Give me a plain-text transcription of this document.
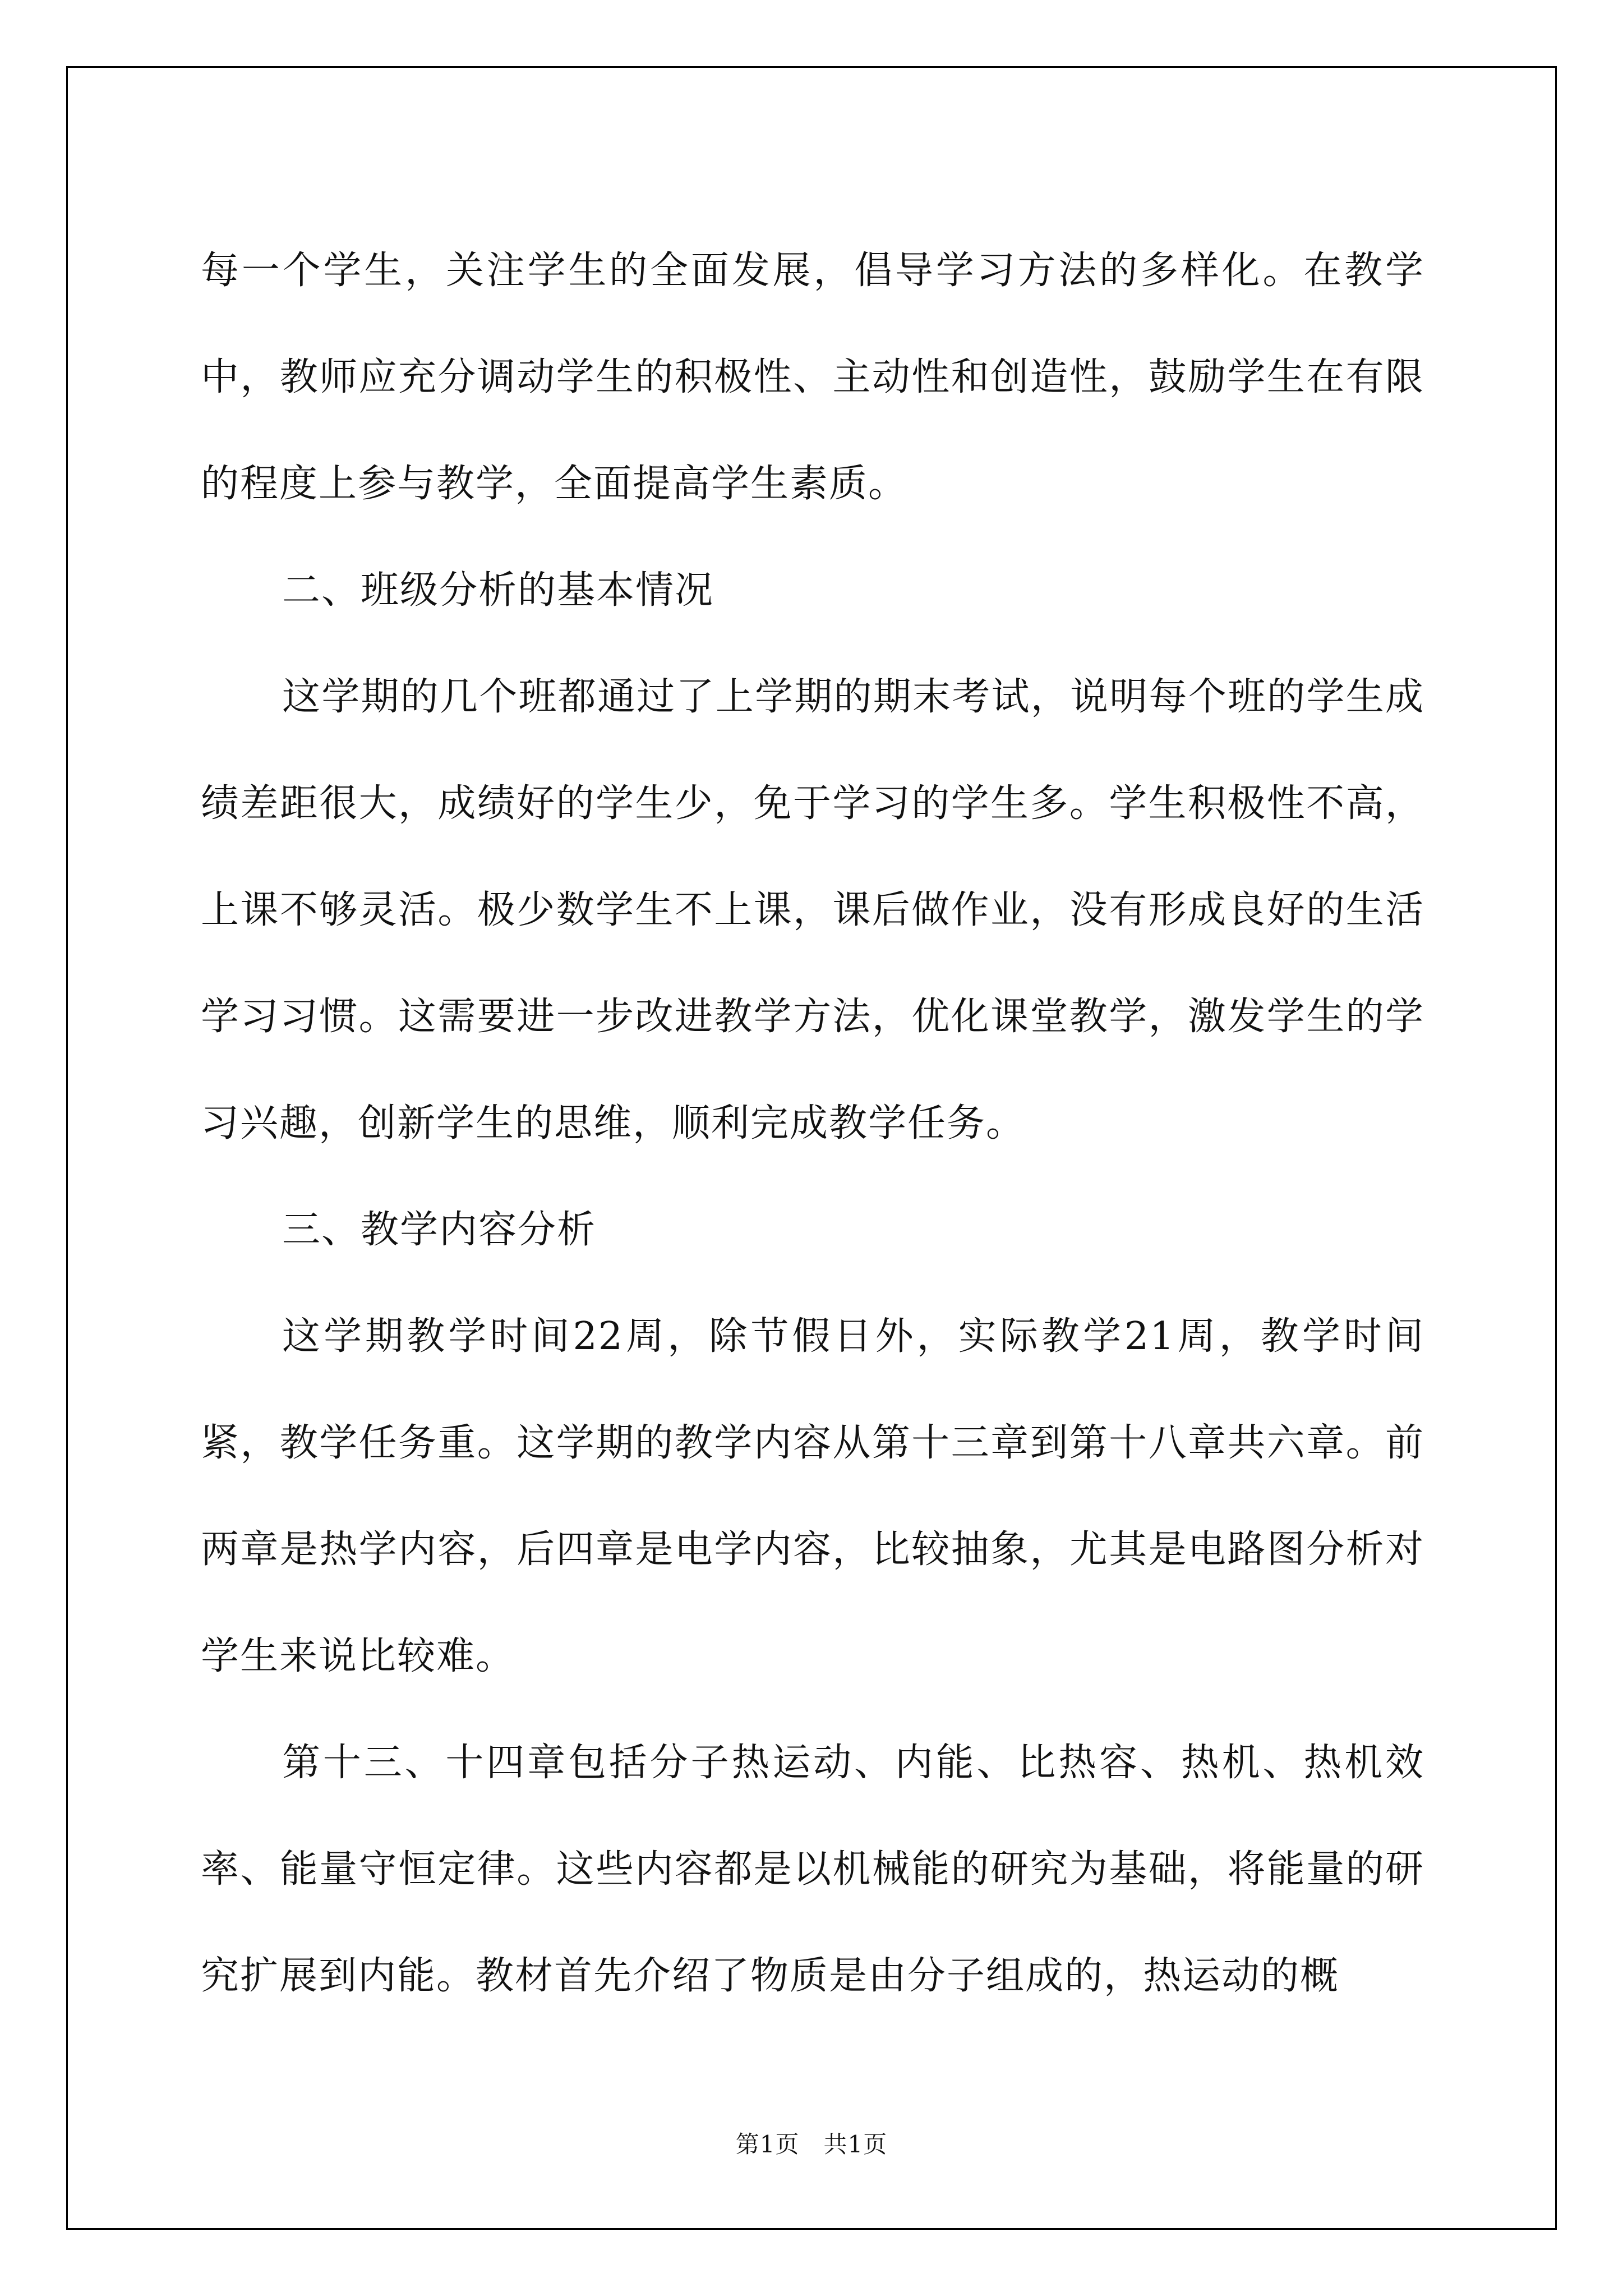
每一个学生，关注学生的全面发展，倡导学习方法的多样化。在教学中，教师应充分调动学生的积极性、主动性和创造性，鼓励学生在有限的程度上参与教学，全面提高学生素质。

二、班级分析的基本情况

这学期的几个班都通过了上学期的期末考试，说明每个班的学生成绩差距很大，成绩好的学生少，免于学习的学生多。学生积极性不高，上课不够灵活。极少数学生不上课，课后做作业，没有形成良好的生活学习习惯。这需要进一步改进教学方法，优化课堂教学，激发学生的学习兴趣，创新学生的思维，顺利完成教学任务。

三、教学内容分析

这学期教学时间22周，除节假日外，实际教学21周，教学时间紧，教学任务重。这学期的教学内容从第十三章到第十八章共六章。前两章是热学内容，后四章是电学内容，比较抽象，尤其是电路图分析对学生来说比较难。

第十三、十四章包括分子热运动、内能、比热容、热机、热机效率、能量守恒定律。这些内容都是以机械能的研究为基础，将能量的研究扩展到内能。教材首先介绍了物质是由分子组成的，热运动的概

第1页　共1页
